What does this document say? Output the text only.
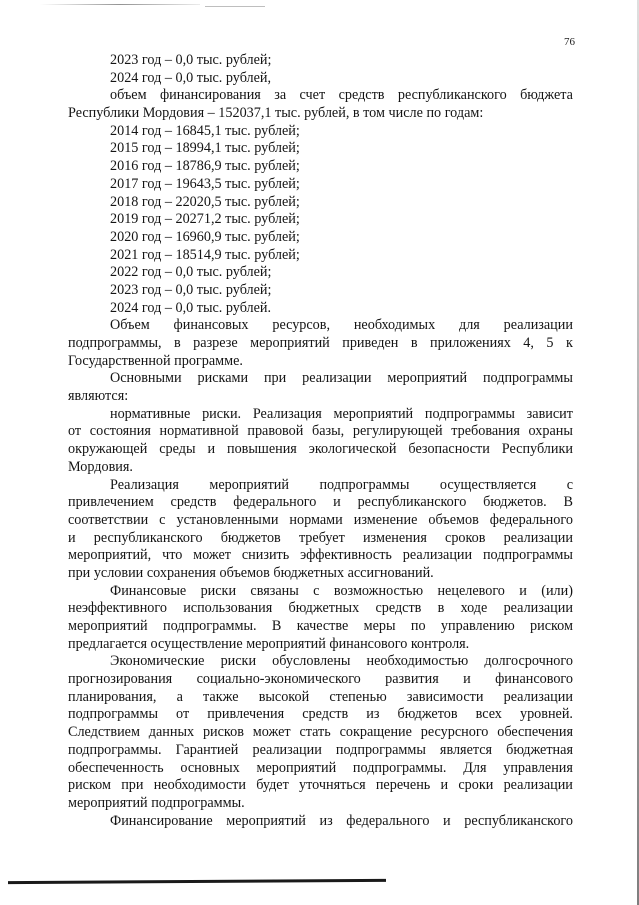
76
2023 год – 0,0 тыс. рублей;
2024 год – 0,0 тыс. рублей,
объем финансирования за счет средств республиканского бюджета
Республики Мордовия – 152037,1 тыс. рублей, в том числе по годам:
2014 год – 16845,1 тыс. рублей;
2015 год – 18994,1 тыс. рублей;
2016 год – 18786,9 тыс. рублей;
2017 год – 19643,5 тыс. рублей;
2018 год – 22020,5 тыс. рублей;
2019 год – 20271,2 тыс. рублей;
2020 год – 16960,9 тыс. рублей;
2021 год – 18514,9 тыс. рублей;
2022 год – 0,0 тыс. рублей;
2023 год – 0,0 тыс. рублей;
2024 год – 0,0 тыс. рублей.
Объем финансовых ресурсов, необходимых для реализации
подпрограммы, в разрезе мероприятий приведен в приложениях 4, 5 к
Государственной программе.
Основными рисками при реализации мероприятий подпрограммы
являются:
нормативные риски. Реализация мероприятий подпрограммы зависит
от состояния нормативной правовой базы, регулирующей требования охраны
окружающей среды и повышения экологической безопасности Республики
Мордовия.
Реализация мероприятий подпрограммы осуществляется с
привлечением средств федерального и республиканского бюджетов. В
соответствии с установленными нормами изменение объемов федерального
и республиканского бюджетов требует изменения сроков реализации
мероприятий, что может снизить эффективность реализации подпрограммы
при условии сохранения объемов бюджетных ассигнований.
Финансовые риски связаны с возможностью нецелевого и (или)
неэффективного использования бюджетных средств в ходе реализации
мероприятий подпрограммы. В качестве меры по управлению риском
предлагается осуществление мероприятий финансового контроля.
Экономические риски обусловлены необходимостью долгосрочного
прогнозирования социально-экономического развития и финансового
планирования, а также высокой степенью зависимости реализации
подпрограммы от привлечения средств из бюджетов всех уровней.
Следствием данных рисков может стать сокращение ресурсного обеспечения
подпрограммы. Гарантией реализации подпрограммы является бюджетная
обеспеченность основных мероприятий подпрограммы. Для управления
риском при необходимости будет уточняться перечень и сроки реализации
мероприятий подпрограммы.
Финансирование мероприятий из федерального и республиканского
